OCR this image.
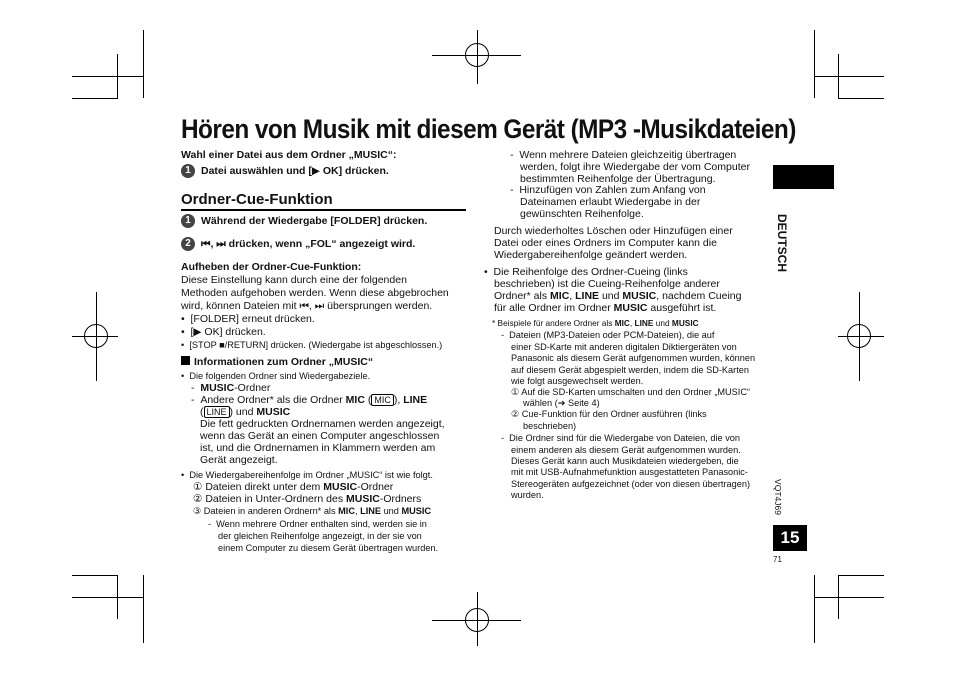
Hören von Musik mit diesem Gerät (MP3 -Musikdateien)
Wahl einer Datei aus dem Ordner „MUSIC“:
1 Datei auswählen und [▶ OK] drücken.
Ordner-Cue-Funktion
1 Während der Wiedergabe [FOLDER] drücken.
2 ⏮, ⏭ drücken, wenn „FOL“ angezeigt wird.
Aufheben der Ordner-Cue-Funktion:
Diese Einstellung kann durch eine der folgenden
Methoden aufgehoben werden. Wenn diese abgebrochen
wird, können Dateien mit ⏮, ⏭ übersprungen werden.
•  [FOLDER] erneut drücken.
•  [▶ OK] drücken.
•  [STOP ■/RETURN] drücken. (Wiedergabe ist abgeschlossen.)
Informationen zum Ordner „MUSIC“
•  Die folgenden Ordner sind Wiedergabeziele.
-  MUSIC-Ordner
-  Andere Ordner* als die Ordner MIC ( MIC ), LINE
( LINE ) und MUSIC
Die fett gedruckten Ordnernamen werden angezeigt,
wenn das Gerät an einen Computer angeschlossen
ist, und die Ordnernamen in Klammern werden am
Gerät angezeigt.
•  Die Wiedergabereihenfolge im Ordner „MUSIC“ ist wie folgt.
① Dateien direkt unter dem MUSIC-Ordner
② Dateien in Unter-Ordnern des MUSIC-Ordners
③ Dateien in anderen Ordnern* als MIC, LINE und MUSIC
-  Wenn mehrere Ordner enthalten sind, werden sie in
der gleichen Reihenfolge angezeigt, in der sie von
einem Computer zu diesem Gerät übertragen wurden.
-  Wenn mehrere Dateien gleichzeitig übertragen
werden, folgt ihre Wiedergabe der vom Computer
bestimmten Reihenfolge der Übertragung.
-  Hinzufügen von Zahlen zum Anfang von
Dateinamen erlaubt Wiedergabe in der
gewünschten Reihenfolge.
Durch wiederholtes Löschen oder Hinzufügen einer
Datei oder eines Ordners im Computer kann die
Wiedergabereihenfolge geändert werden.
•  Die Reihenfolge des Ordner-Cueing (links
beschrieben) ist die Cueing-Reihenfolge anderer
Ordner* als MIC, LINE und MUSIC, nachdem Cueing
für alle Ordner im Ordner MUSIC ausgeführt ist.
* Beispiele für andere Ordner als MIC, LINE und MUSIC
-  Dateien (MP3-Dateien oder PCM-Dateien), die auf
einer SD-Karte mit anderen digitalen Diktiergeräten von
Panasonic als diesem Gerät aufgenommen wurden, können
auf diesem Gerät abgespielt werden, indem die SD-Karten
wie folgt ausgewechselt werden.
① Auf die SD-Karten umschalten und den Ordner „MUSIC“
wählen (➔ Seite 4)
② Cue-Funktion für den Ordner ausführen (links
beschrieben)
-  Die Ordner sind für die Wiedergabe von Dateien, die von
einem anderen als diesem Gerät aufgenommen wurden.
Dieses Gerät kann auch Musikdateien wiedergeben, die
mit mit USB-Aufnahmefunktion ausgestatteten Panasonic-
Stereogeräten aufgezeichnet (oder von diesen übertragen)
wurden.
DEUTSCH
VQT4J69
15
71
